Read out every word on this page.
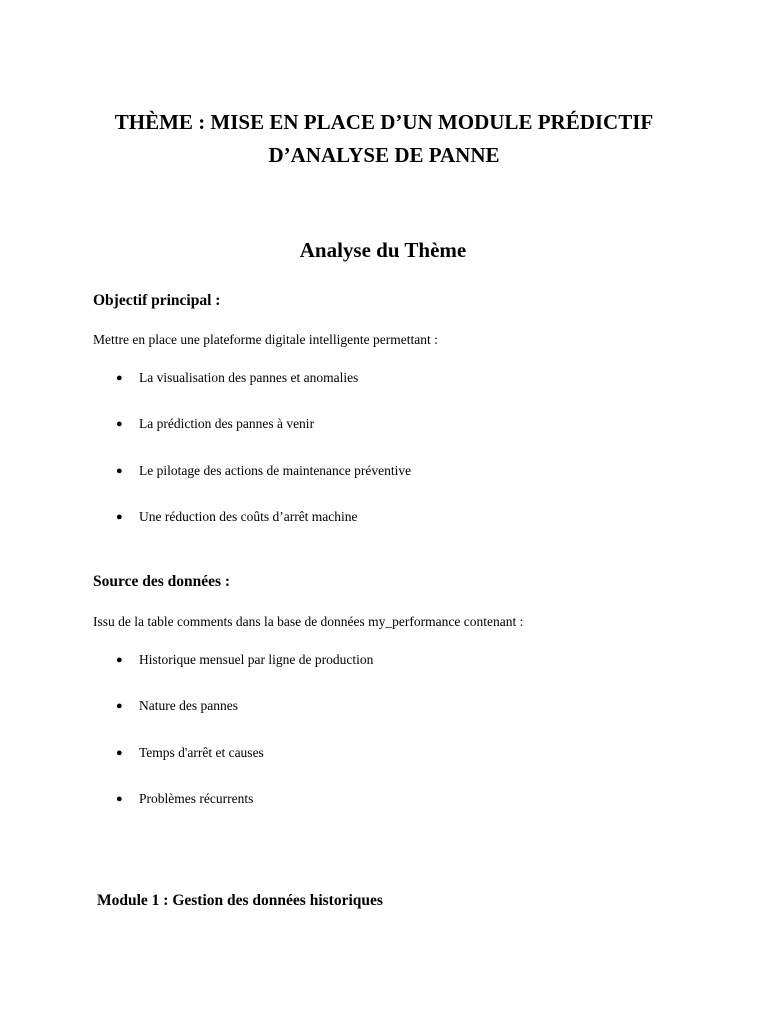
THÈME : MISE EN PLACE D’UN MODULE PRÉDICTIF
D’ANALYSE DE PANNE
Analyse du Thème
Objectif principal :

Mettre en place une plateforme digitale intelligente permettant :

● La visualisation des pannes et anomalies
● La prédiction des pannes à venir
● Le pilotage des actions de maintenance préventive
● Une réduction des coûts d’arrêt machine
Source des données :

Issu de la table comments dans la base de données my_performance contenant :

● Historique mensuel par ligne de production
● Nature des pannes
● Temps d'arrêt et causes
● Problèmes récurrents
Module 1 : Gestion des données historiques
